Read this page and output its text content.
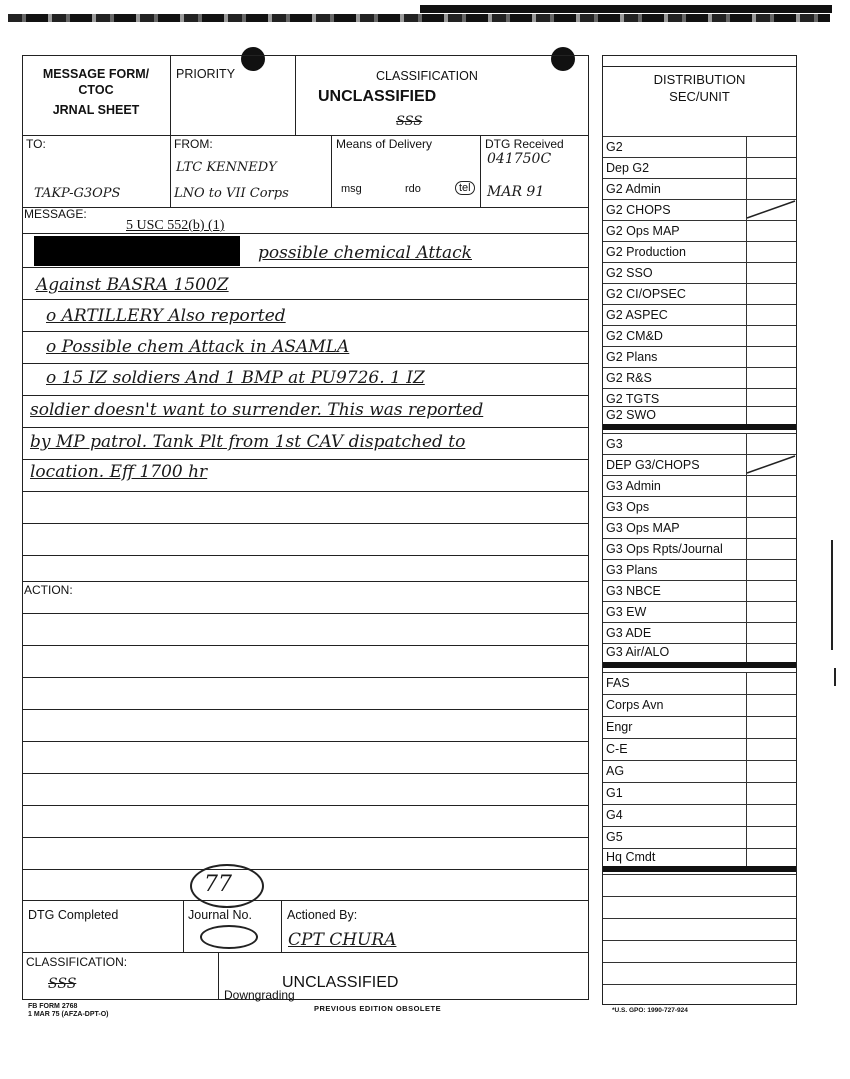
MESSAGE FORM/
CTOC
JRNAL SHEET
PRIORITY	CLASSIFICATION
UNCLASSIFIED
SSS
TO:
TAKP-G3OPS
FROM:
LTC KENNEDY
LNO to VII Corps
Means of Delivery
msg	rdo	tel
DTG Received
041750C
MAR 91
MESSAGE:
5 USC 552(b) (1)
possible chemical Attack
Against BASRA 1500Z
o ARTILLERY Also reported
o Possible chem Attack in ASAMLA
o 15 IZ soldiers And 1 BMP at PU9726. 1 IZ
soldier doesn't want to surrender. This was reported
by MP patrol. Tank Plt from 1st CAV dispatched to
location. Eff 1700 hr
ACTION:
77
DTG Completed	Journal No.	Actioned By:
CPT CHURA
CLASSIFICATION:
SSS	UNCLASSIFIED
Downgrading
FB FORM 2768
1 MAR 75 (AFZA-DPT-O)
PREVIOUS EDITION OBSOLETE
DISTRIBUTION
SEC/UNIT
G2
Dep G2
G2 Admin
G2 CHOPS
G2 Ops MAP
G2 Production
G2 SSO
G2 CI/OPSEC
G2 ASPEC
G2 CM&D
G2 Plans
G2 R&S
G2 TGTS
G2 SWO
G3
DEP G3/CHOPS
G3 Admin
G3 Ops
G3 Ops MAP
G3 Ops Rpts/Journal
G3 Plans
G3 NBCE
G3 EW
G3 ADE
G3 Air/ALO
FAS
Corps Avn
Engr
C-E
AG
G1
G4
G5
Hq Cmdt
*U.S. GPO: 1990-727-924
